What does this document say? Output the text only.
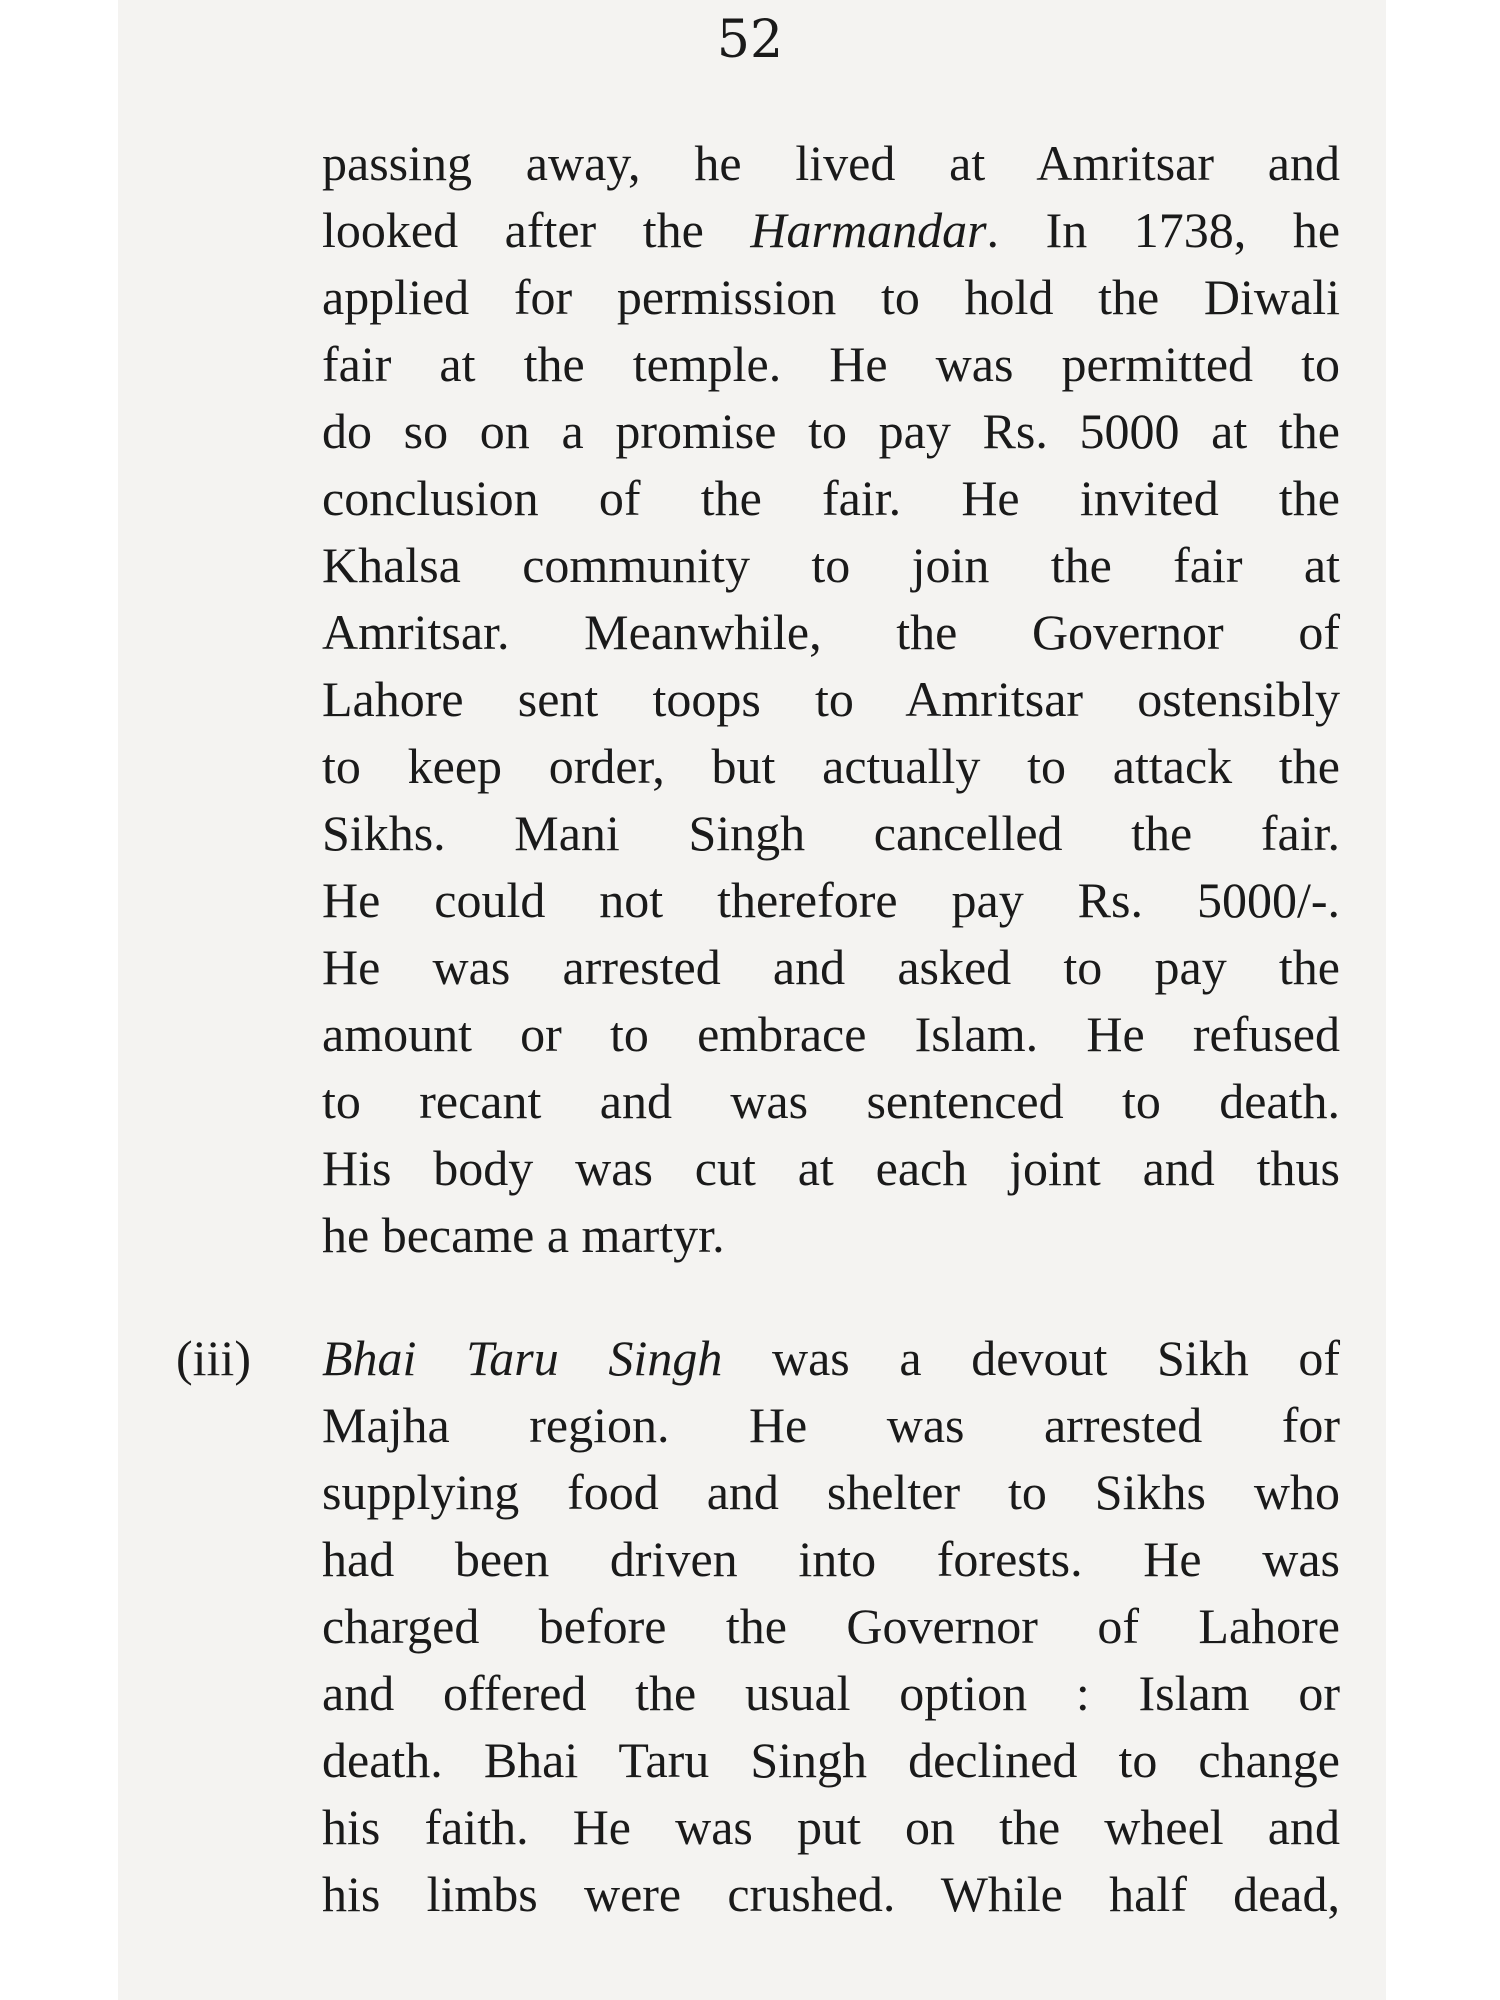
52
passing away, he lived at Amritsar and
looked after the Harmandar. In 1738, he
applied for permission to hold the Diwali
fair at the temple. He was permitted to
do so on a promise to pay Rs. 5000 at the
conclusion of the fair. He invited the
Khalsa community to join the fair at
Amritsar. Meanwhile, the Governor of
Lahore sent toops to Amritsar ostensibly
to keep order, but actually to attack the
Sikhs. Mani Singh cancelled the fair.
He could not therefore pay Rs. 5000/-.
He was arrested and asked to pay the
amount or to embrace Islam. He refused
to recant and was sentenced to death.
His body was cut at each joint and thus
he became a martyr.
(iii) Bhai Taru Singh was a devout Sikh of
Majha region. He was arrested for
supplying food and shelter to Sikhs who
had been driven into forests. He was
charged before the Governor of Lahore
and offered the usual option : Islam or
death. Bhai Taru Singh declined to change
his faith. He was put on the wheel and
his limbs were crushed. While half dead,
